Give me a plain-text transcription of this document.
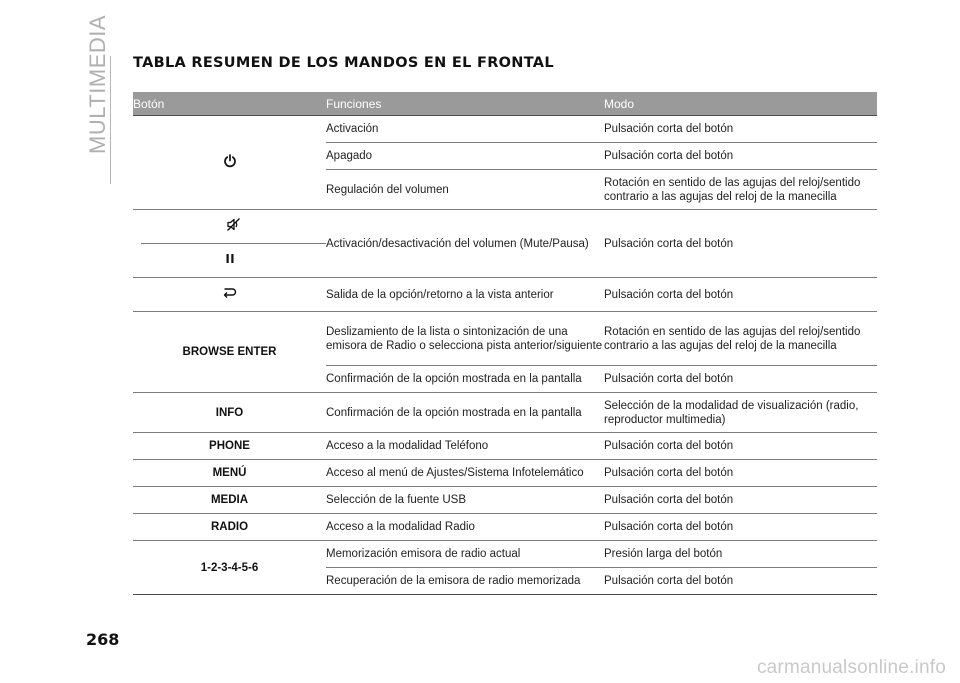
MULTIMEDIA TABLA RESUMEN DE LOS MANDOS EN EL FRONTAL
Botón	Funciones	Modo
	Activación	Pulsación corta del botón
	Apagado	Pulsación corta del botón
	Regulación del volumen	Rotación en sentido de las agujas del reloj/sentido contrario a las agujas del reloj de la manecilla

	Activación/desactivación del volumen (Mute/Pausa)	Pulsación corta del botón
	Salida de la opción/retorno a la vista anterior	Pulsación corta del botón
BROWSE ENTER	Deslizamiento de la lista o sintonización de una emisora de Radio o selecciona pista anterior/siguiente	Rotación en sentido de las agujas del reloj/sentido contrario a las agujas del reloj de la manecilla
	Confirmación de la opción mostrada en la pantalla	Pulsación corta del botón
INFO	Confirmación de la opción mostrada en la pantalla	Selección de la modalidad de visualización (radio, reproductor multimedia)
PHONE	Acceso a la modalidad Teléfono	Pulsación corta del botón
MENÚ	Acceso al menú de Ajustes/Sistema Infotelemático	Pulsación corta del botón
MEDIA	Selección de la fuente USB	Pulsación corta del botón
RADIO	Acceso a la modalidad Radio	Pulsación corta del botón
1-2-3-4-5-6	Memorización emisora de radio actual	Presión larga del botón
	Recuperación de la emisora de radio memorizada	Pulsación corta del botón
268
carmanualsonline.info
